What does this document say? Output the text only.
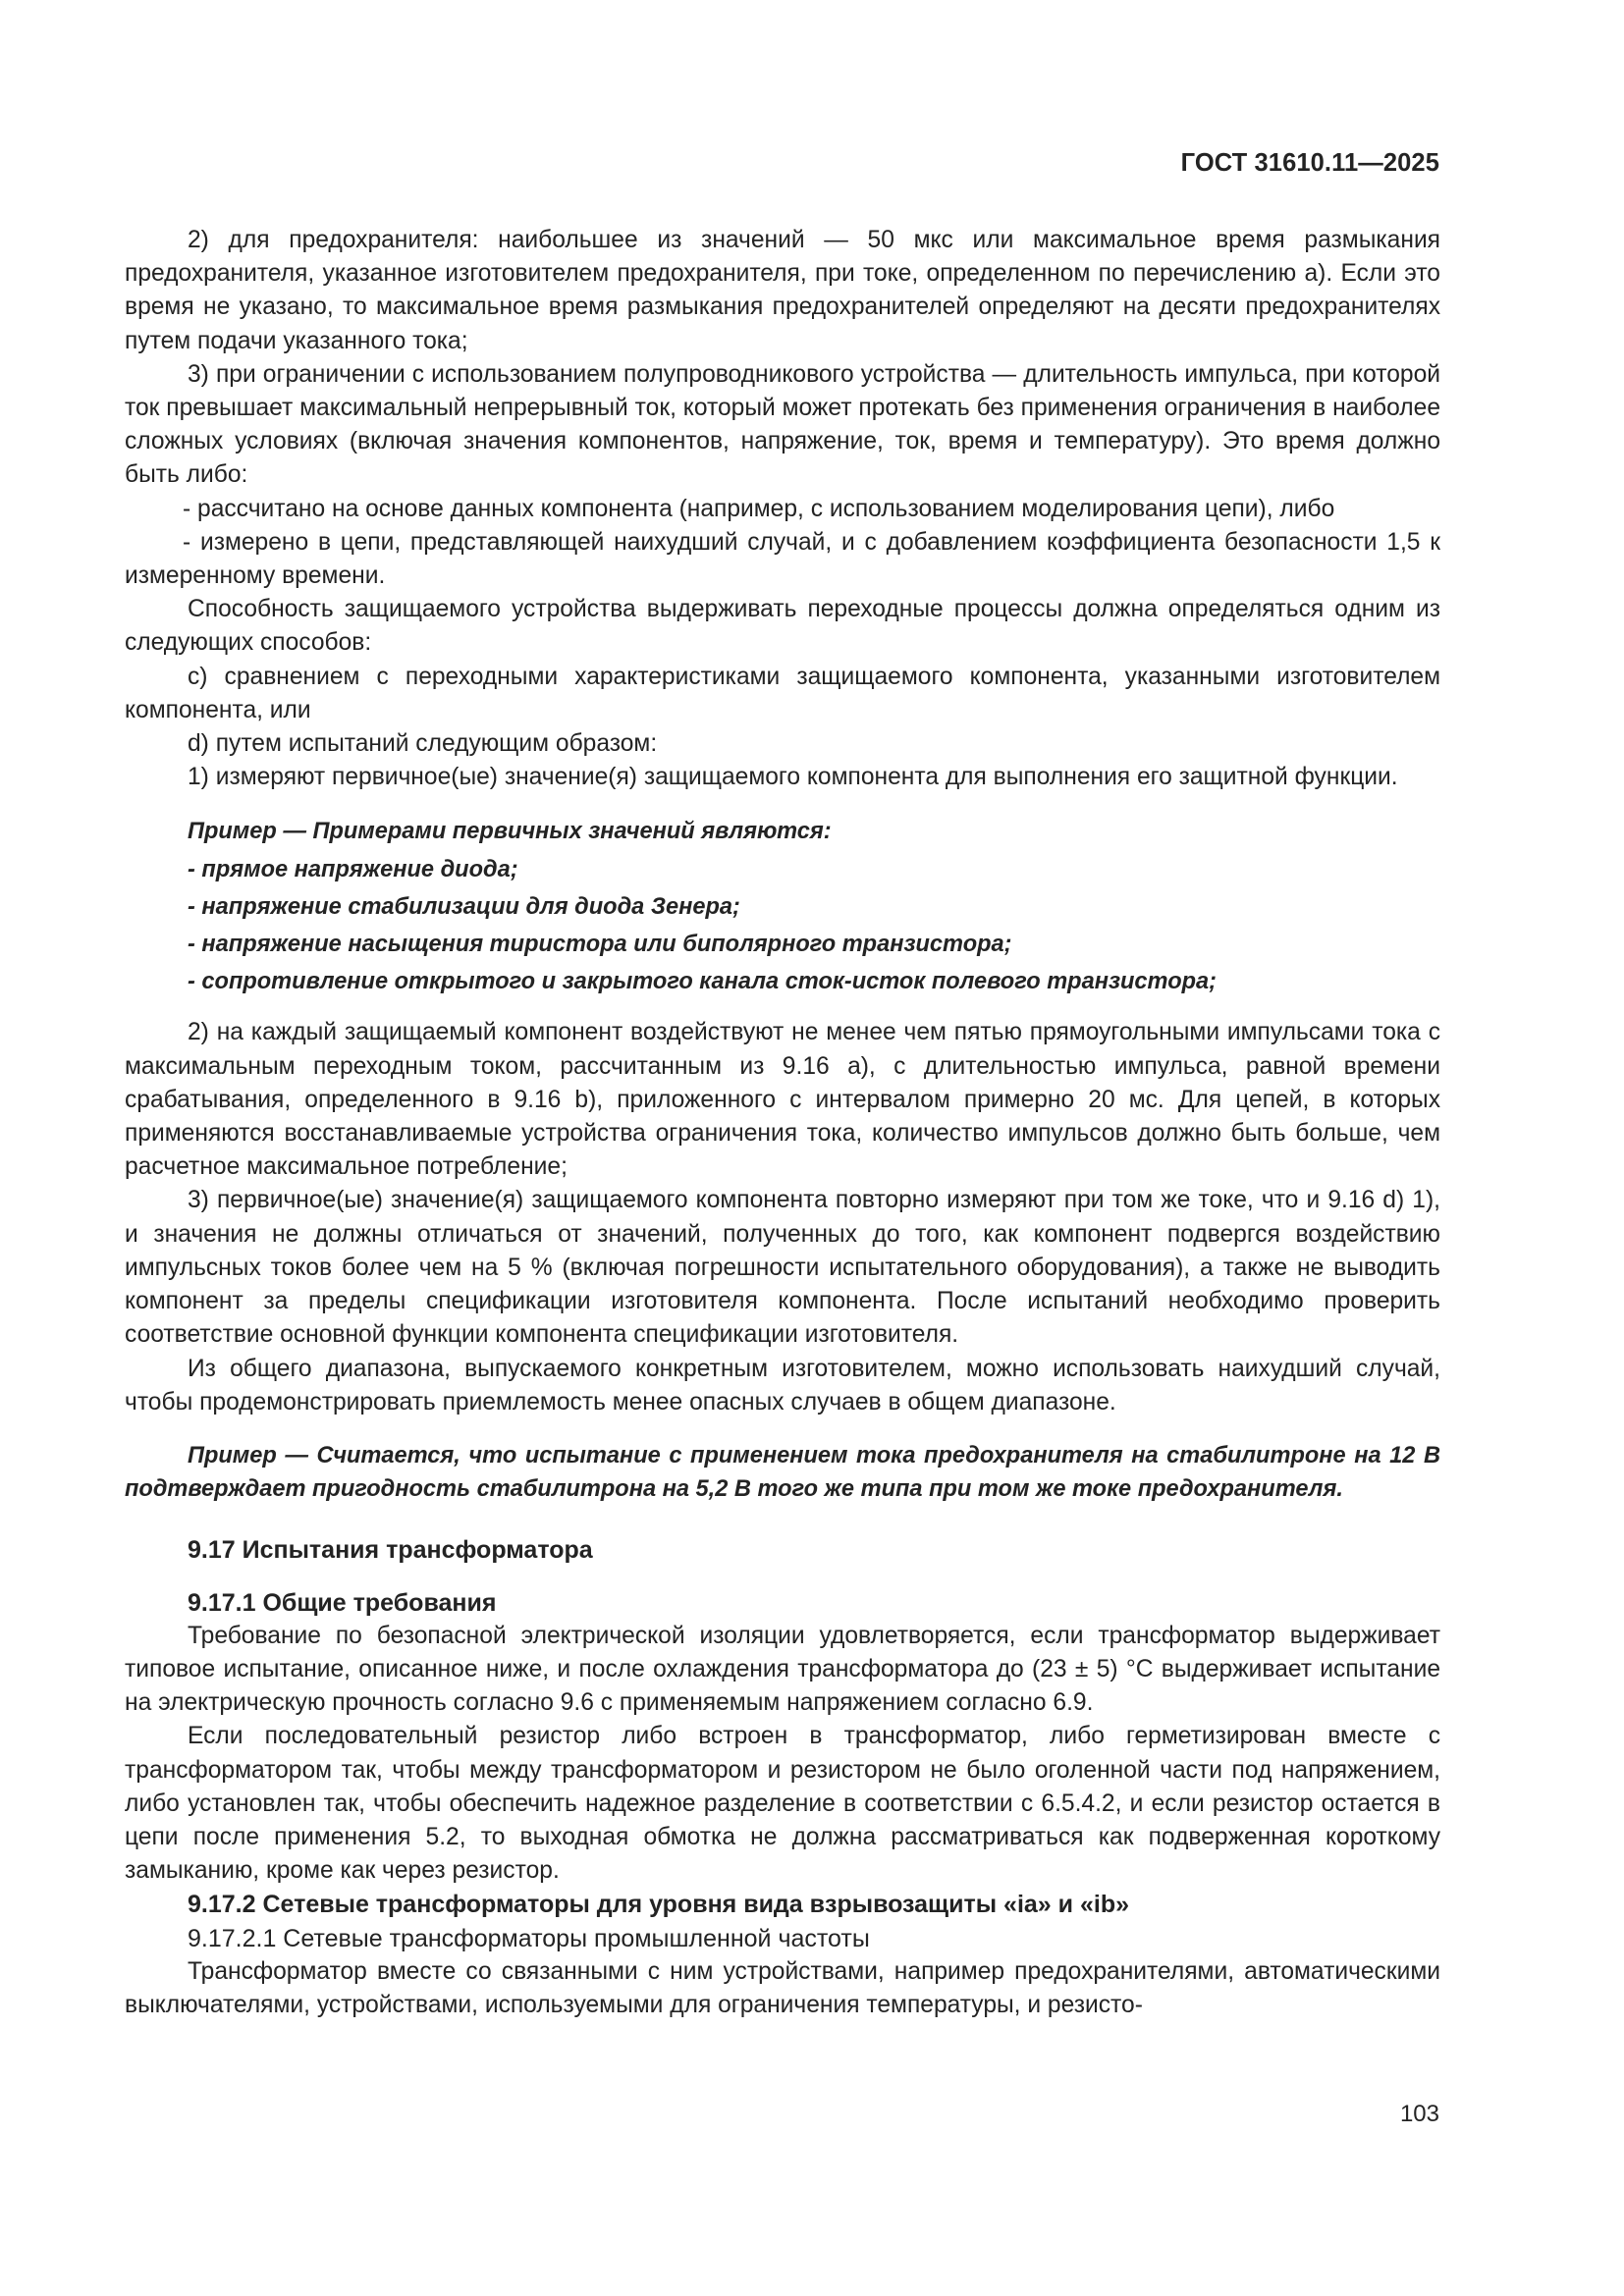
ГОСТ 31610.11—2025

2) для предохранителя: наибольшее из значений — 50 мкс или максимальное время размыкания предохранителя, указанное изготовителем предохранителя, при токе, определенном по перечислению a). Если это время не указано, то максимальное время размыкания предохранителей определяют на десяти предохранителях путем подачи указанного тока;

3) при ограничении с использованием полупроводникового устройства — длительность импульса, при которой ток превышает максимальный непрерывный ток, который может протекать без применения ограничения в наиболее сложных условиях (включая значения компонентов, напряжение, ток, время и температуру). Это время должно быть либо:

- рассчитано на основе данных компонента (например, с использованием моделирования цепи), либо

- измерено в цепи, представляющей наихудший случай, и с добавлением коэффициента безопасности 1,5 к измеренному времени.

Способность защищаемого устройства выдерживать переходные процессы должна определяться одним из следующих способов:

c) сравнением с переходными характеристиками защищаемого компонента, указанными изготовителем компонента, или

d) путем испытаний следующим образом:

1) измеряют первичное(ые) значение(я) защищаемого компонента для выполнения его защитной функции.

Пример — Примерами первичных значений являются:

- прямое напряжение диода;

- напряжение стабилизации для диода Зенера;

- напряжение насыщения тиристора или биполярного транзистора;

- сопротивление открытого и закрытого канала сток-исток полевого транзистора;

2) на каждый защищаемый компонент воздействуют не менее чем пятью прямоугольными импульсами тока с максимальным переходным током, рассчитанным из 9.16 a), с длительностью импульса, равной времени срабатывания, определенного в 9.16 b), приложенного с интервалом примерно 20 мс. Для цепей, в которых применяются восстанавливаемые устройства ограничения тока, количество импульсов должно быть больше, чем расчетное максимальное потребление;

3) первичное(ые) значение(я) защищаемого компонента повторно измеряют при том же токе, что и 9.16 d) 1), и значения не должны отличаться от значений, полученных до того, как компонент подвергся воздействию импульсных токов более чем на 5 % (включая погрешности испытательного оборудования), а также не выводить компонент за пределы спецификации изготовителя компонента. После испытаний необходимо проверить соответствие основной функции компонента спецификации изготовителя.

Из общего диапазона, выпускаемого конкретным изготовителем, можно использовать наихудший случай, чтобы продемонстрировать приемлемость менее опасных случаев в общем диапазоне.

Пример — Считается, что испытание с применением тока предохранителя на стабилитроне на 12 В подтверждает пригодность стабилитрона на 5,2 В того же типа при том же токе предохранителя.

9.17 Испытания трансформатора
9.17.1 Общие требования

Требование по безопасной электрической изоляции удовлетворяется, если трансформатор выдерживает типовое испытание, описанное ниже, и после охлаждения трансформатора до (23 ± 5) °C выдерживает испытание на электрическую прочность согласно 9.6 с применяемым напряжением согласно 6.9.

Если последовательный резистор либо встроен в трансформатор, либо герметизирован вместе с трансформатором так, чтобы между трансформатором и резистором не было оголенной части под напряжением, либо установлен так, чтобы обеспечить надежное разделение в соответствии с 6.5.4.2, и если резистор остается в цепи после применения 5.2, то выходная обмотка не должна рассматриваться как подверженная короткому замыканию, кроме как через резистор.

9.17.2 Сетевые трансформаторы для уровня вида взрывозащиты «ia» и «ib»
9.17.2.1 Сетевые трансформаторы промышленной частоты

Трансформатор вместе со связанными с ним устройствами, например предохранителями, автоматическими выключателями, устройствами, используемыми для ограничения температуры, и резисто-

103
